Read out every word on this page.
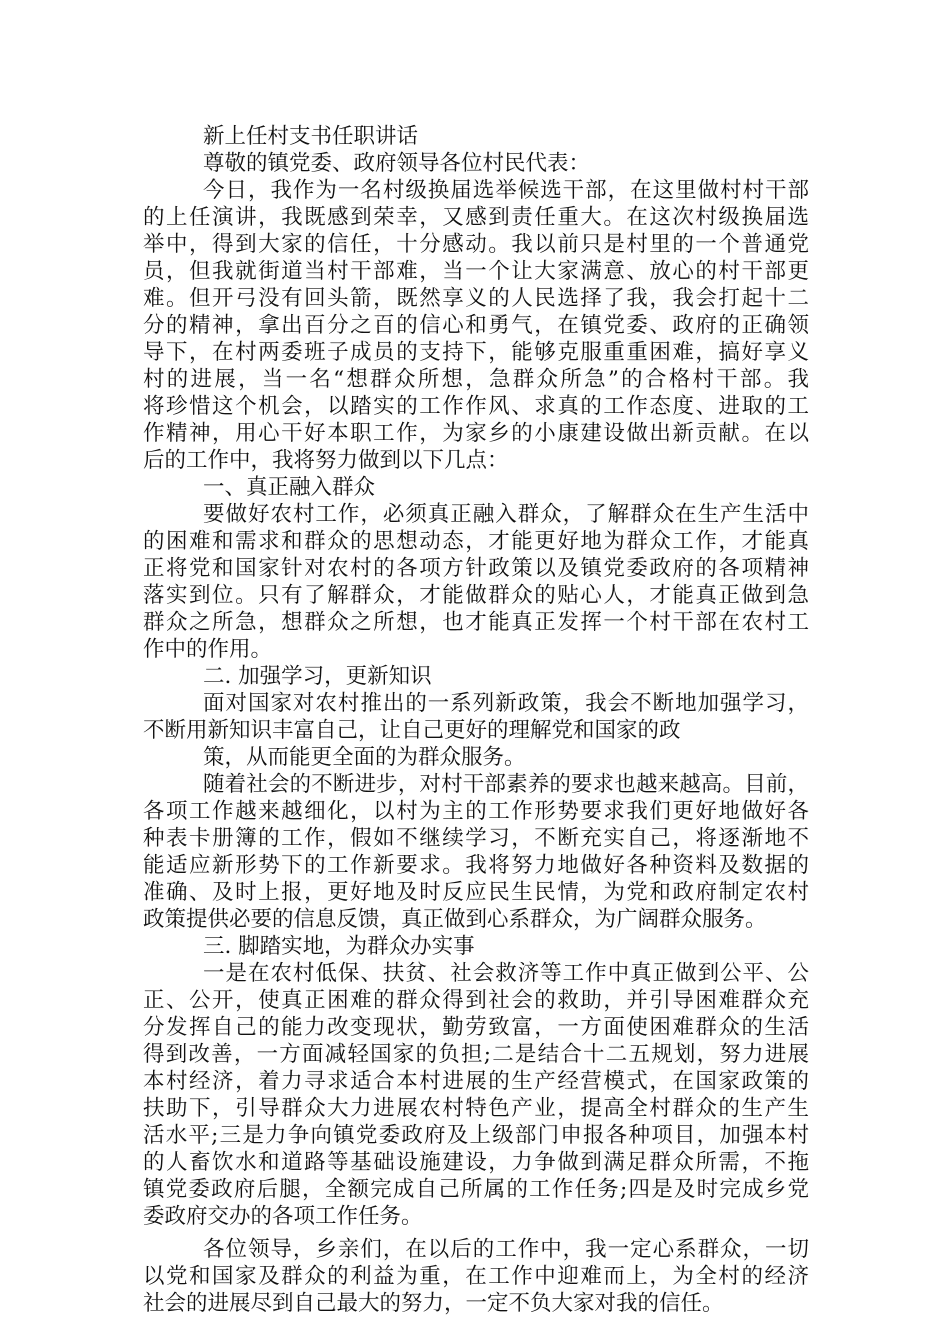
新上任村支书任职讲话
尊敬的镇党委、政府领导各位村民代表：
今日，我作为一名村级换届选举候选干部，在这里做村村干部
的上任演讲，我既感到荣幸，又感到责任重大。在这次村级换届选
举中，得到大家的信任，十分感动。我以前只是村里的一个普通党
员，但我就街道当村干部难，当一个让大家满意、放心的村干部更
难。但开弓没有回头箭，既然享义的人民选择了我，我会打起十二
分的精神，拿出百分之百的信心和勇气，在镇党委、政府的正确领
导下，在村两委班子成员的支持下，能够克服重重困难，搞好享义
村的进展，当一名“想群众所想，急群众所急”的合格村干部。我
将珍惜这个机会，以踏实的工作作风、求真的工作态度、进取的工
作精神，用心干好本职工作，为家乡的小康建设做出新贡献。在以
后的工作中，我将努力做到以下几点：
一、真正融入群众
要做好农村工作，必须真正融入群众，了解群众在生产生活中
的困难和需求和群众的思想动态，才能更好地为群众工作，才能真
正将党和国家针对农村的各项方针政策以及镇党委政府的各项精神
落实到位。只有了解群众，才能做群众的贴心人，才能真正做到急
群众之所急，想群众之所想，也才能真正发挥一个村干部在农村工
作中的作用。
二. 加强学习，更新知识
面对国家对农村推出的一系列新政策，我会不断地加强学习，
不断用新知识丰富自己，让自己更好的理解党和国家的政
策，从而能更全面的为群众服务。
随着社会的不断进步，对村干部素养的要求也越来越高。目前，
各项工作越来越细化，以村为主的工作形势要求我们更好地做好各
种表卡册簿的工作，假如不继续学习，不断充实自己，将逐渐地不
能适应新形势下的工作新要求。我将努力地做好各种资料及数据的
准确、及时上报，更好地及时反应民生民情，为党和政府制定农村
政策提供必要的信息反馈，真正做到心系群众，为广阔群众服务。
三. 脚踏实地，为群众办实事
一是在农村低保、扶贫、社会救济等工作中真正做到公平、公
正、公开，使真正困难的群众得到社会的救助，并引导困难群众充
分发挥自己的能力改变现状，勤劳致富，一方面使困难群众的生活
得到改善，一方面减轻国家的负担;二是结合十二五规划，努力进展
本村经济，着力寻求适合本村进展的生产经营模式，在国家政策的
扶助下，引导群众大力进展农村特色产业，提高全村群众的生产生
活水平;三是力争向镇党委政府及上级部门申报各种项目，加强本村
的人畜饮水和道路等基础设施建设，力争做到满足群众所需，不拖
镇党委政府后腿，全额完成自己所属的工作任务;四是及时完成乡党
委政府交办的各项工作任务。
各位领导，乡亲们，在以后的工作中，我一定心系群众，一切
以党和国家及群众的利益为重，在工作中迎难而上，为全村的经济
社会的进展尽到自己最大的努力，一定不负大家对我的信任。
